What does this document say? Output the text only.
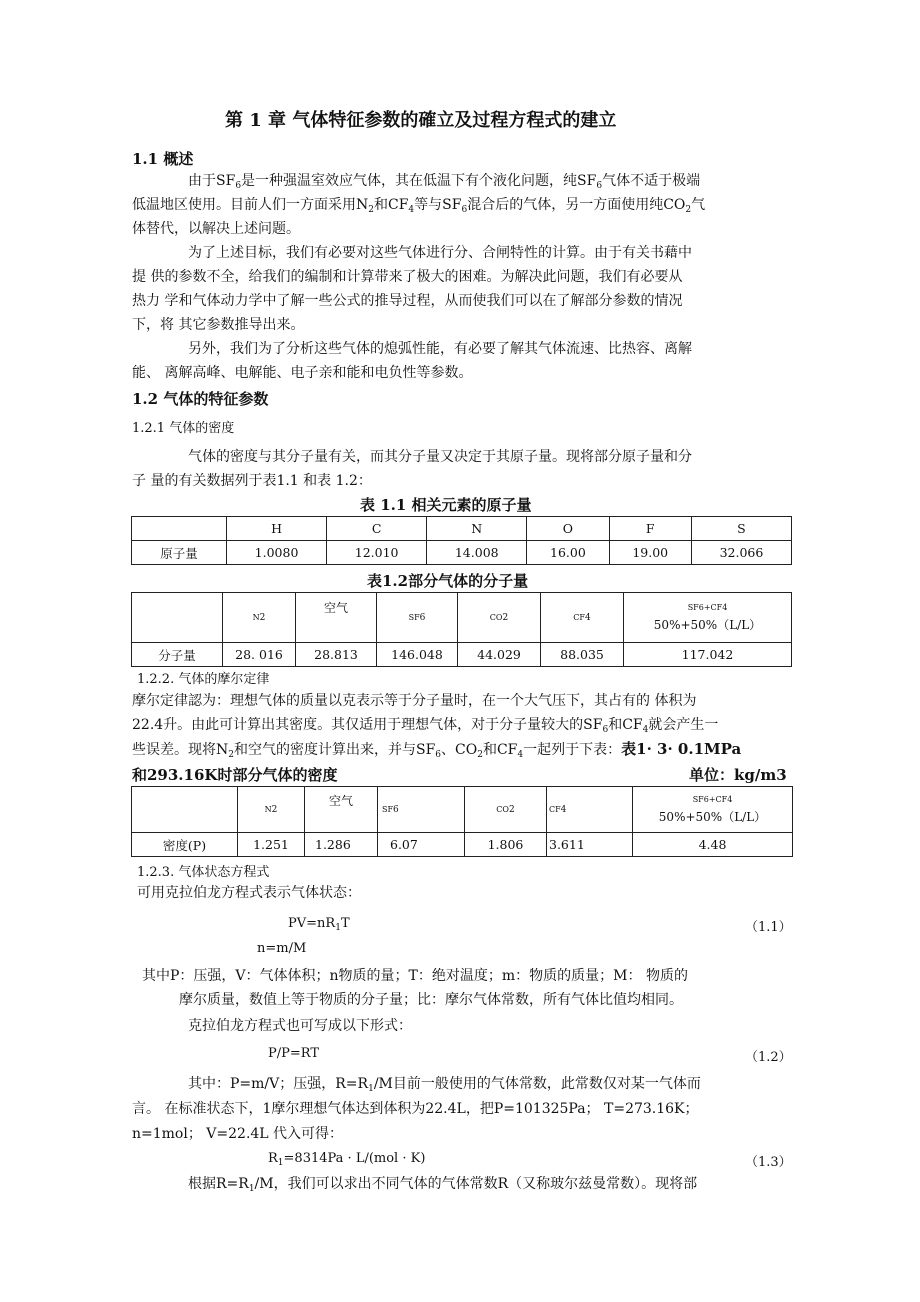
第 1 章 气体特征参数的確立及过程方程式的建立
1.1 概述
由于$SF_6$是一种强温室效应气体，其在低温下有个液化问题，纯$SF_6$气体不适于极端
低温地区使用。目前人们一方面采用$N_2$和$CF_4$等与$SF_6$混合后的气体，另一方面使用纯$CO_2$气
体替代，以解决上述问题。
为了上述目标，我们有必要对这些气体进行分、合闸特性的计算。由于有关书藉中
提 供的参数不全，给我们的编制和计算带来了极大的困难。为解决此问题，我们有必要从
热力 学和气体动力学中了解一些公式的推导过程，从而使我们可以在了解部分参数的情况
下，将 其它参数推导出来。
另外，我们为了分析这些气体的熄弧性能，有必要了解其气体流速、比热容、离解
能、 离解高峰、电解能、电子亲和能和电负性等参数。
1.2 气体的特征参数
1.2.1 气体的密度
气体的密度与其分子量有关，而其分子量又决定于其原子量。现将部分原子量和分
子 量的有关数据列于表1.1 和表 1.2：
表 1.1 相关元素的原子量
	H	C	N	O	F	S
原子量	1.0080	12.010	14.008	16.00	19.00	32.066
表1.2部分气体的分子量
	N2	空气	SF6	CO2	CF4	SF6+CF4
50%+50%（L/L）

分子量	28. 016	28.813	146.048	44.029	88.035	117.042
1.2.2. 气体的摩尔定律
摩尔定律認为：理想气体的质量以克表示等于分子量时，在一个大气压下，其占有的 体积为
22.4升。由此可计算出其密度。其仅适用于理想气体，对于分子量较大的$SF_6$和$CF_4$就会产生一
些误差。现将$N_2$和空气的密度计算出来，并与$SF_6$、$CO_2$和$CF_4$一起列于下表：表1· 3· 0.1MPa
和293.16K时部分气体的密度	单位：kg/m3
	N2	空气	SF6	CO2	CF4	SF6+CF4
50%+50%（L/L）

密度(P)	1.251	1.286	6.07	1.806	3.611	4.48
1.2.3. 气体状态方程式
可用克拉伯龙方程式表示气体状态：
$PV=nR_1T$	（1.1）
n=m/M
其中P：压强，V：气体体积；n物质的量；T：绝对温度；m：物质的质量；M： 物质的
摩尔质量，数值上等于物质的分子量；比：摩尔气体常数，所有气体比值均相同。
克拉伯龙方程式也可写成以下形式：
P/P=RT	（1.2）
其中：P=m/V；压强，$R=R_1/M$目前一般使用的气体常数，此常数仅对某一气体而
言。 在标准状态下，1摩尔理想气体达到体积为22.4L，把P=101325Pa； T=273.16K；
n=1mol； V=22.4L 代入可得：
$R_1=8314Pa \cdot L/(mol \cdot K)$	（1.3）
根据$R=R_1/M$，我们可以求出不同气体的气体常数R（又称玻尔兹曼常数）。现将部
